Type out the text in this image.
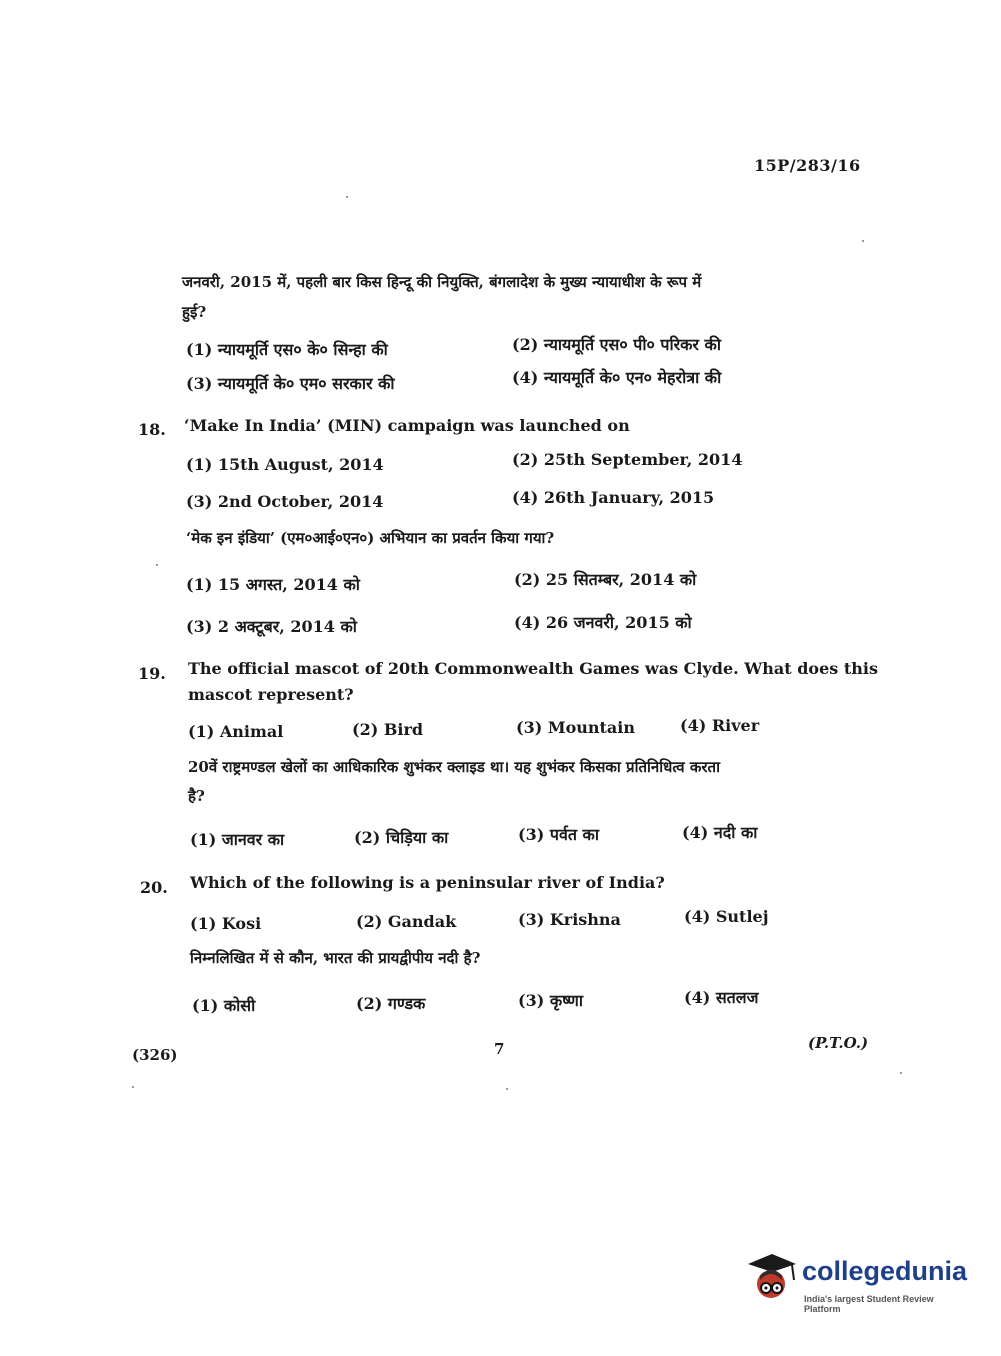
15P/283/16
जनवरी, 2015 में, पहली बार किस हिन्दू की नियुक्ति, बंगलादेश के मुख्य न्यायाधीश के रूप में
हुई?
(1) न्यायमूर्ति एस० के० सिन्हा की	(2) न्यायमूर्ति एस० पी० परिकर की
(3) न्यायमूर्ति के० एम० सरकार की	(4) न्यायमूर्ति के० एन० मेहरोत्रा की
18. ‘Make In India’ (MIN) campaign was launched on
(1) 15th August, 2014	(2) 25th September, 2014
(3) 2nd October, 2014	(4) 26th January, 2015
‘मेक इन इंडिया’ (एम०आई०एन०) अभियान का प्रवर्तन किया गया?
(1) 15 अगस्त, 2014 को	(2) 25 सितम्बर, 2014 को
(3) 2 अक्टूबर, 2014 को	(4) 26 जनवरी, 2015 को
19. The official mascot of 20th Commonwealth Games was Clyde. What does this
mascot represent?
(1) Animal	(2) Bird	(3) Mountain	(4) River
20वें राष्ट्रमण्डल खेलों का आधिकारिक शुभंकर क्लाइड था। यह शुभंकर किसका प्रतिनिधित्व करता
है?
(1) जानवर का	(2) चिड़िया का	(3) पर्वत का	(4) नदी का
20. Which of the following is a peninsular river of India?
(1) Kosi	(2) Gandak	(3) Krishna	(4) Sutlej
निम्नलिखित में से कौन, भारत की प्रायद्वीपीय नदी है?
(1) कोसी	(2) गण्डक	(3) कृष्णा	(4) सतलज
(326)	7	(P.T.O.)
collegedunia
India's largest Student Review Platform
